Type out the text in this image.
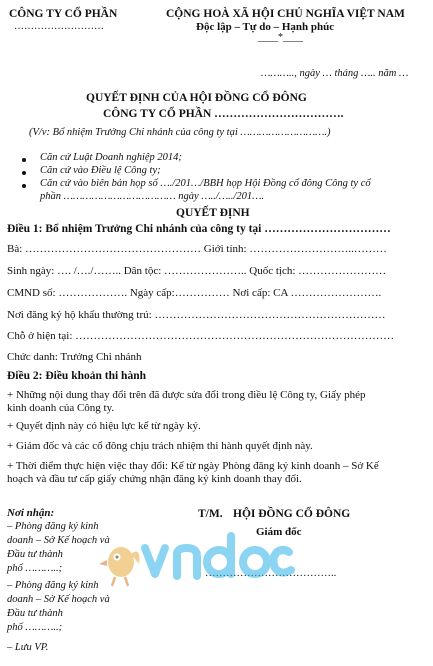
CÔNG TY CỔ PHẦN
………………………
CỘNG HOÀ XÃ HỘI CHỦ NGHĨA VIỆT NAM
Độc lập – Tự do – Hạnh phúc
____*____
……….., ngày … tháng ….. năm …
QUYẾT ĐỊNH CỦA HỘI ĐỒNG CỔ ĐÔNG
CÔNG TY CỔ PHẦN …………………………….
(V/v: Bổ nhiệm Trưởng Chi nhánh của công ty tại ……………………….)
Căn cứ Luật Doanh nghiệp 2014;
Căn cứ vào Điều lệ Công ty;
Căn cứ vào biên bản họp số …./201…/BBH họp Hội Đồng cổ đông Công ty cổ
phần ……………………………… ngày …../…../201….
QUYẾT ĐỊNH
Điều 1: Bổ nhiệm Trưởng Chi nhánh của công ty tại ……………………………
Bà: ………………………………………… Giới tính: ………………………..………
Sinh ngày: …. /…./…….. Dân tộc: ………………….. Quốc tịch: ……………………
CMND số: ………………. Ngày cấp:…………… Nơi cấp: CA …………………….
Nơi đăng ký hộ khẩu thường trú: ………………………………………………………
Chỗ ở hiện tại: ……………………………………………………………………………
Chức danh: Trưởng Chi nhánh
Điều 2: Điều khoản thi hành
+ Những nội dung thay đổi trên đã được sửa đổi trong điều lệ Công ty, Giấy phép
kinh doanh của Công ty.
+ Quyết định này có hiệu lực kể từ ngày ký.
+ Giám đốc và các cổ đông chịu trách nhiệm thi hành quyết định này.
+ Thời điểm thực hiện việc thay đổi: Kể từ ngày Phòng đăng ký kinh doanh – Sở Kế
hoạch và đầu tư cấp giấy chứng nhận đăng ký kinh doanh thay đổi.
Nơi nhận:
– Phòng đăng ký kinh
doanh – Sở Kế hoạch và
Đầu tư thành
phố ………..;
– Phòng đăng ký kinh
doanh – Sở Kế hoạch và
Đầu tư thành
phố ………..;
– Lưu VP.
T/M. HỘI ĐỒNG CỔ ĐÔNG
Giám đốc
………………………………..
